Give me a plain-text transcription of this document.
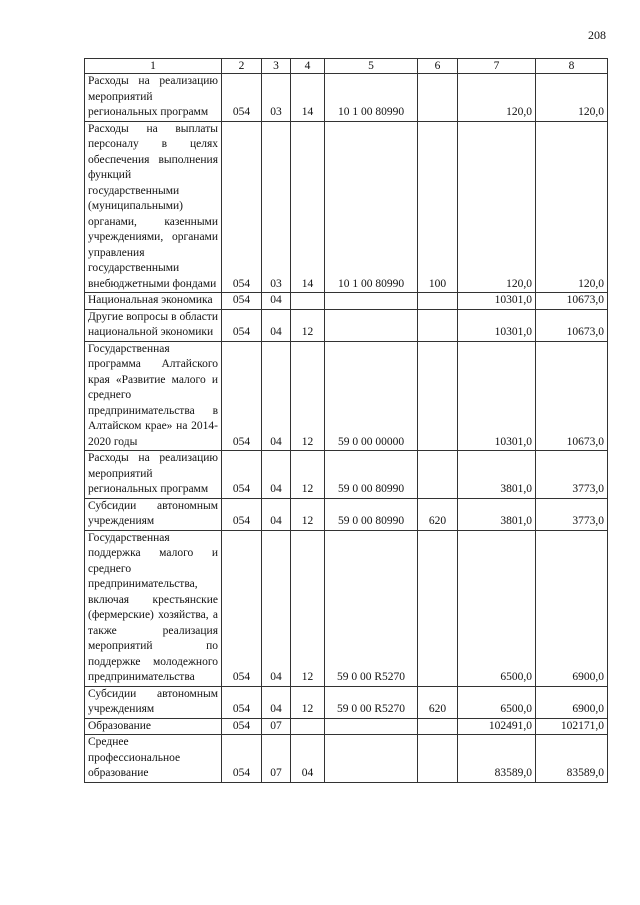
208
1	2	3	4	5	6	7	8
Расходы на реализацию мероприятий региональных программ	054	03	14	10 1 00 80990		120,0	120,0
Расходы на выплаты персоналу в целях обеспечения выполнения функций государственными (муниципальными) органами, казенными учреждениями, органами управления государственными внебюджетными фондами	054	03	14	10 1 00 80990	100	120,0	120,0
Национальная экономика	054	04				10301,0	10673,0
Другие вопросы в области национальной экономики	054	04	12			10301,0	10673,0
Государственная программа Алтайского края «Развитие малого и среднего предпринимательства в Алтайском крае» на 2014-2020 годы	054	04	12	59 0 00 00000		10301,0	10673,0
Расходы на реализацию мероприятий региональных программ	054	04	12	59 0 00 80990		3801,0	3773,0
Субсидии автономным учреждениям	054	04	12	59 0 00 80990	620	3801,0	3773,0
Государственная поддержка малого и среднего предпринимательства, включая крестьянские (фермерские) хозяйства, а также реализация мероприятий по поддержке молодежного предпринимательства	054	04	12	59 0 00 R5270		6500,0	6900,0
Субсидии автономным учреждениям	054	04	12	59 0 00 R5270	620	6500,0	6900,0
Образование	054	07				102491,0	102171,0
Среднее профессиональное образование	054	07	04			83589,0	83589,0
